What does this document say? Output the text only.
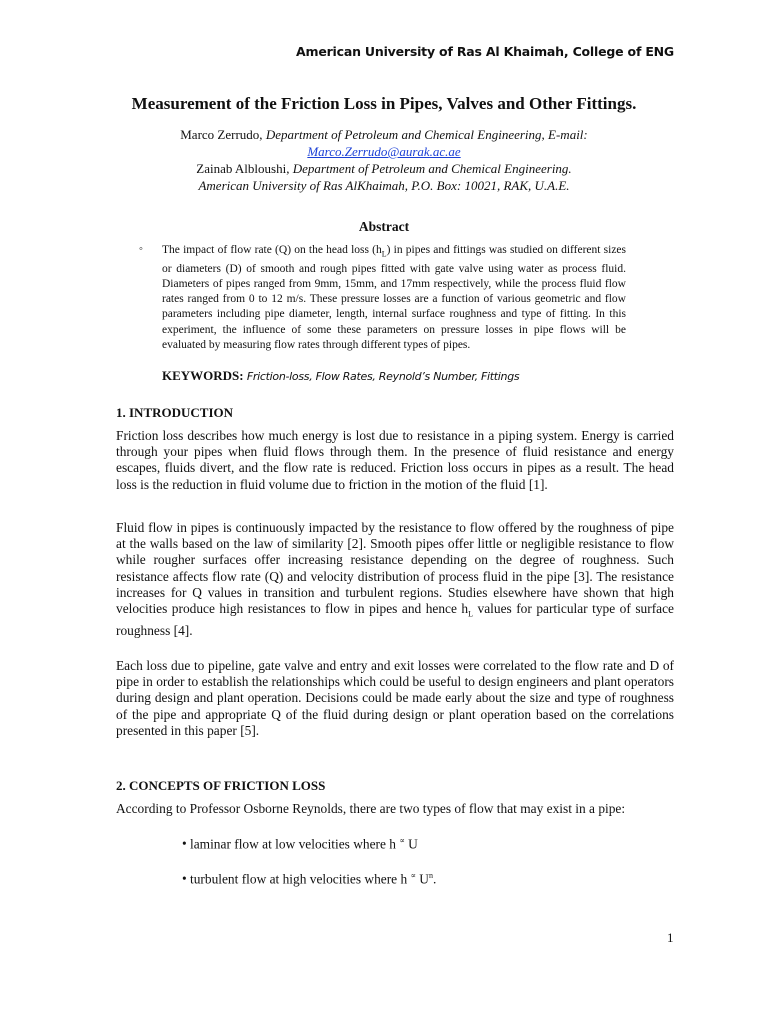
American University of Ras Al Khaimah, College of ENG
Measurement of the Friction Loss in Pipes, Valves and Other Fittings.
Marco Zerrudo, Department of Petroleum and Chemical Engineering, E-mail:
Marco.Zerrudo@aurak.ac.ae
Zainab Albloushi, Department of Petroleum and Chemical Engineering.
American University of Ras AlKhaimah, P.O. Box: 10021, RAK, U.A.E.
Abstract
◦ The impact of flow rate (Q) on the head loss $(h_L)$ in pipes and fittings was studied on different sizes or diameters (D) of smooth and rough pipes fitted with gate valve using water as process fluid. Diameters of pipes ranged from 9mm, 15mm, and 17mm respectively, while the process fluid flow rates ranged from 0 to 12 m/s. These pressure losses are a function of various geometric and flow parameters including pipe diameter, length, internal surface roughness and type of fitting. In this experiment, the influence of some these parameters on pressure losses in pipe flows will be evaluated by measuring flow rates through different types of pipes.
KEYWORDS: Friction-loss, Flow Rates, Reynold’s Number, Fittings
1. INTRODUCTION
Friction loss describes how much energy is lost due to resistance in a piping system. Energy is carried through your pipes when fluid flows through them. In the presence of fluid resistance and energy escapes, fluids divert, and the flow rate is reduced. Friction loss occurs in pipes as a result. The head loss is the reduction in fluid volume due to friction in the motion of the fluid [1].
Fluid flow in pipes is continuously impacted by the resistance to flow offered by the roughness of pipe at the walls based on the law of similarity [2]. Smooth pipes offer little or negligible resistance to flow while rougher surfaces offer increasing resistance depending on the degree of roughness. Such resistance affects flow rate (Q) and velocity distribution of process fluid in the pipe [3]. The resistance increases for Q values in transition and turbulent regions. Studies elsewhere have shown that high velocities produce high resistances to flow in pipes and hence $h_L$ values for particular type of surface roughness [4].
Each loss due to pipeline, gate valve and entry and exit losses were correlated to the flow rate and D of pipe in order to establish the relationships which could be useful to design engineers and plant operators during design and plant operation. Decisions could be made early about the size and type of roughness of the pipe and appropriate Q of the fluid during design or plant operation based on the correlations presented in this paper [5].
2. CONCEPTS OF FRICTION LOSS
According to Professor Osborne Reynolds, there are two types of flow that may exist in a pipe:
• laminar flow at low velocities where h ∝ U
• turbulent flow at high velocities where h ∝ $U^n$.
1
